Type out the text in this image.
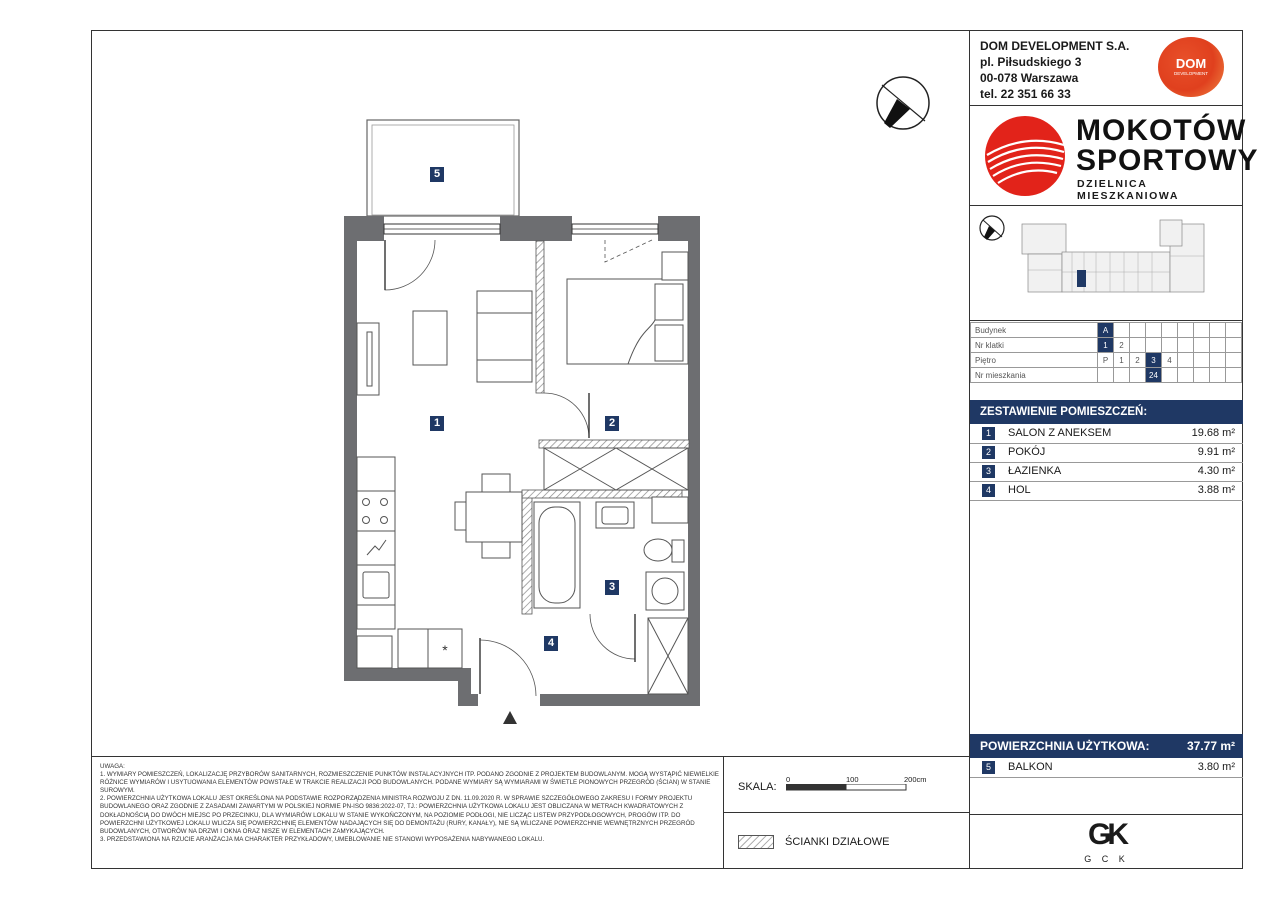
*
5
1	2
3
4
DOM DEVELOPMENT S.A.
pl. Piłsudskiego 3
00-078 Warszawa
tel. 22 351 66 33
DOM
DEVELOPMENT
MOKOTÓW
SPORTOWY
DZIELNICA MIESZKANIOWA
Budynek	A								
Nr klatki	1	2							
Piętro	P	1	2	3	4				
Nr mieszkania				24					
ZESTAWIENIE POMIESZCZEŃ:
1	SALON Z ANEKSEM	19.68 m²
2	POKÓJ	9.91 m²
3	ŁAZIENKA	4.30 m²
4	HOL	3.88 m²
POWIERZCHNIA UŻYTKOWA:	37.77 m²
5	BALKON	3.80 m²
GK
G C K

UWAGA:

1. WYMIARY POMIESZCZEŃ, LOKALIZACJĘ PRZYBORÓW SANITARNYCH, ROZMIESZCZENIE PUNKTÓW INSTALACYJNYCH ITP. PODANO ZGODNIE Z PROJEKTEM BUDOWLANYM. MOGĄ WYSTĄPIĆ NIEWIELKIE RÓŻNICE WYMIARÓW I USYTUOWANIA ELEMENTÓW POWSTAŁE W TRAKCIE REALIZACJI POD BUDOWLANYCH. PODANE WYMIARY SĄ WYMIARAMI W ŚWIETLE PIONOWYCH PRZEGRÓD (ŚCIAN) W STANIE SUROWYM.

2. POWIERZCHNIA UŻYTKOWA LOKALU JEST OKREŚLONA NA PODSTAWIE ROZPORZĄDZENIA MINISTRA ROZWOJU Z DN. 11.09.2020 R. W SPRAWIE SZCZEGÓŁOWEGO ZAKRESU I FORMY PROJEKTU BUDOWLANEGO ORAZ ZGODNIE Z ZASADAMI ZAWARTYMI W POLSKIEJ NORMIE PN-ISO 9836:2022-07, TJ.: POWIERZCHNIA UŻYTKOWA LOKALU JEST OBLICZANA W METRACH KWADRATOWYCH Z DOKŁADNOŚCIĄ DO DWÓCH MIEJSC PO PRZECINKU, DLA WYMIARÓW LOKALU W STANIE WYKOŃCZONYM, NA POZIOMIE PODŁOGI, NIE LICZĄC LISTEW PRZYPODŁOGOWYCH, PROGÓW ITP. DO POWIERZCHNI UŻYTKOWEJ LOKALU WLICZA SIĘ POWIERZCHNIĘ ELEMENTÓW NADAJĄCYCH SIĘ DO DEMONTAŻU (RURY, KANAŁY), NIE SĄ WLICZANE POWIERZCHNIE WEWNĘTRZNYCH PRZEGRÓD BUDOWLANYCH, OTWORÓW NA DRZWI I OKNA ORAZ NISZE W ELEMENTACH ZAMYKAJĄCYCH.

3. PRZEDSTAWIONA NA RZUCIE ARANŻACJA MA CHARAKTER PRZYKŁADOWY, UMEBLOWANIE NIE STANOWI WYPOSAŻENIA NABYWANEGO LOKALU.

SKALA:
0	100	200cm
ŚCIANKI DZIAŁOWE
